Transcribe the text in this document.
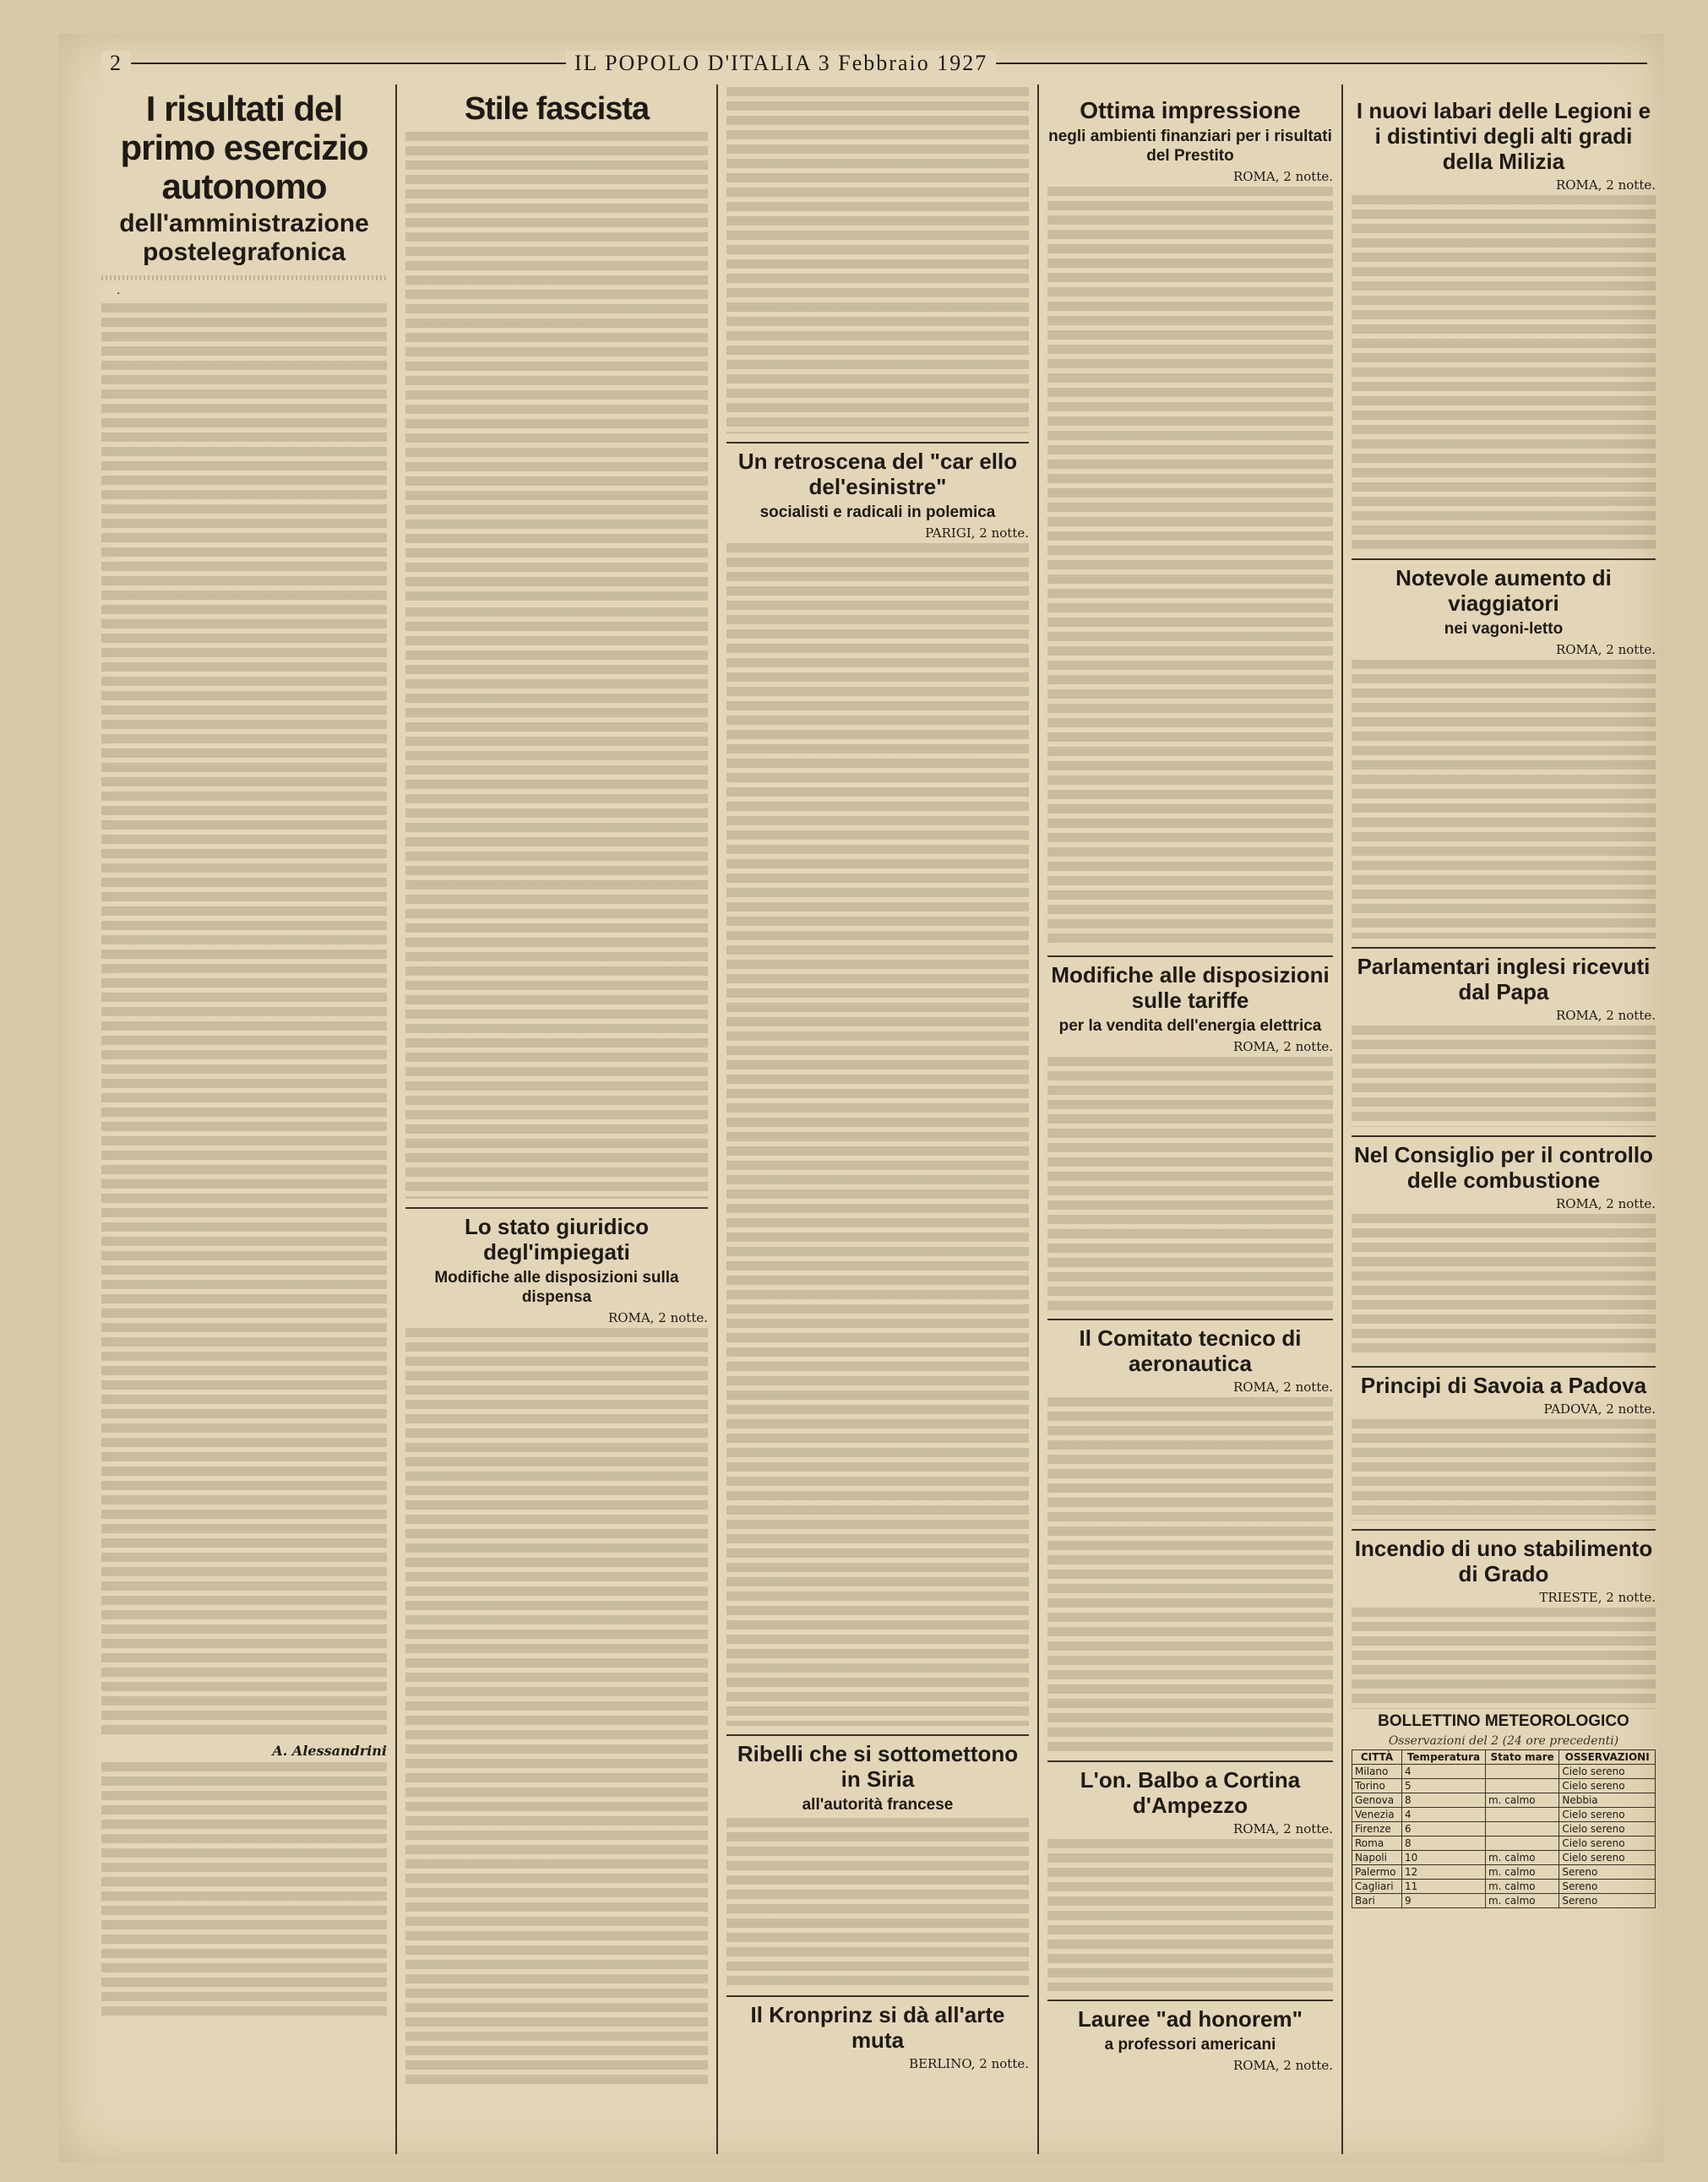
2	IL POPOLO D'ITALIA 3 Febbraio 1927
I risultati del primo esercizio autonomo
dell'amministrazione postelegrafonica

.

A. Alessandrini
Stile fascista
Lo stato giuridico degl'impiegati
Modifiche alle disposizioni sulla dispensa
ROMA, 2 notte.
Un retroscena del "car ello del'esinistre"
socialisti e radicali in polemica
PARIGI, 2 notte.
Ribelli che si sottomettono in Siria
all'autorità francese
Il Kronprinz si dà all'arte muta
BERLINO, 2 notte.
Ottima impressione
negli ambienti finanziari per i risultati del Prestito
ROMA, 2 notte.
Modifiche alle disposizioni sulle tariffe
per la vendita dell'energia elettrica
ROMA, 2 notte.
Il Comitato tecnico di aeronautica
ROMA, 2 notte.
L'on. Balbo a Cortina d'Ampezzo
ROMA, 2 notte.
Lauree "ad honorem"
a professori americani
ROMA, 2 notte.
I nuovi labari delle Legioni e i distintivi degli alti gradi della Milizia
ROMA, 2 notte.
Notevole aumento di viaggiatori
nei vagoni-letto
ROMA, 2 notte.
Parlamentari inglesi ricevuti dal Papa
ROMA, 2 notte.
Nel Consiglio per il controllo delle combustione
ROMA, 2 notte.
Principi di Savoia a Padova
PADOVA, 2 notte.
Incendio di uno stabilimento di Grado
TRIESTE, 2 notte.
BOLLETTINO METEOROLOGICO
Osservazioni del 2 (24 ore precedenti)
CITTÀ	Temperatura	Stato mare	OSSERVAZIONI
Milano	4		Cielo sereno
Torino	5		Cielo sereno
Genova	8	m. calmo	Nebbia
Venezia	4		Cielo sereno
Firenze	6		Cielo sereno
Roma	8		Cielo sereno
Napoli	10	m. calmo	Cielo sereno
Palermo	12	m. calmo	Sereno
Cagliari	11	m. calmo	Sereno
Bari	9	m. calmo	Sereno
